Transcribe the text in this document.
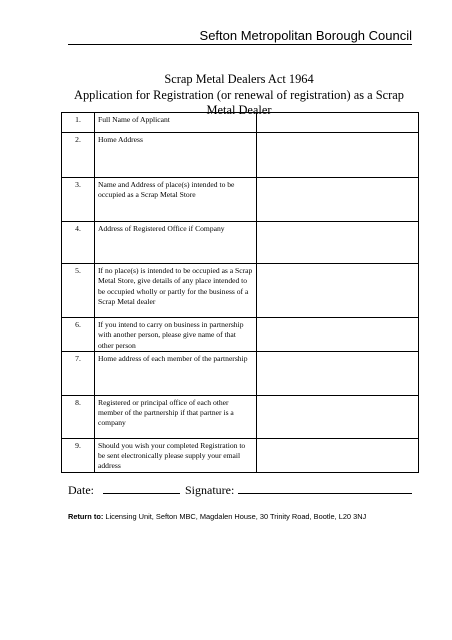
Sefton Metropolitan Borough Council
Scrap Metal Dealers Act 1964
Application for Registration (or renewal of registration) as a Scrap
Metal Dealer
1.	Full Name of Applicant	
2.	Home Address	
3.	Name and Address of place(s) intended to be occupied as a Scrap Metal Store	
4.	Address of Registered Office if Company	
5.	If no place(s) is intended to be occupied as a Scrap Metal Store, give details of any place intended to be occupied wholly or partly for the business of a Scrap Metal dealer	
6.	If you intend to carry on business in partnership with another person, please give name of that other person	
7.	Home address of each member of the partnership	
8.	Registered or principal office of each other member of the partnership if that partner is a company	
9.	Should you wish your completed Registration to be sent electronically please supply your email address	
Date:	Signature:
Return to: Licensing Unit, Sefton MBC, Magdalen House, 30 Trinity Road, Bootle, L20 3NJ
